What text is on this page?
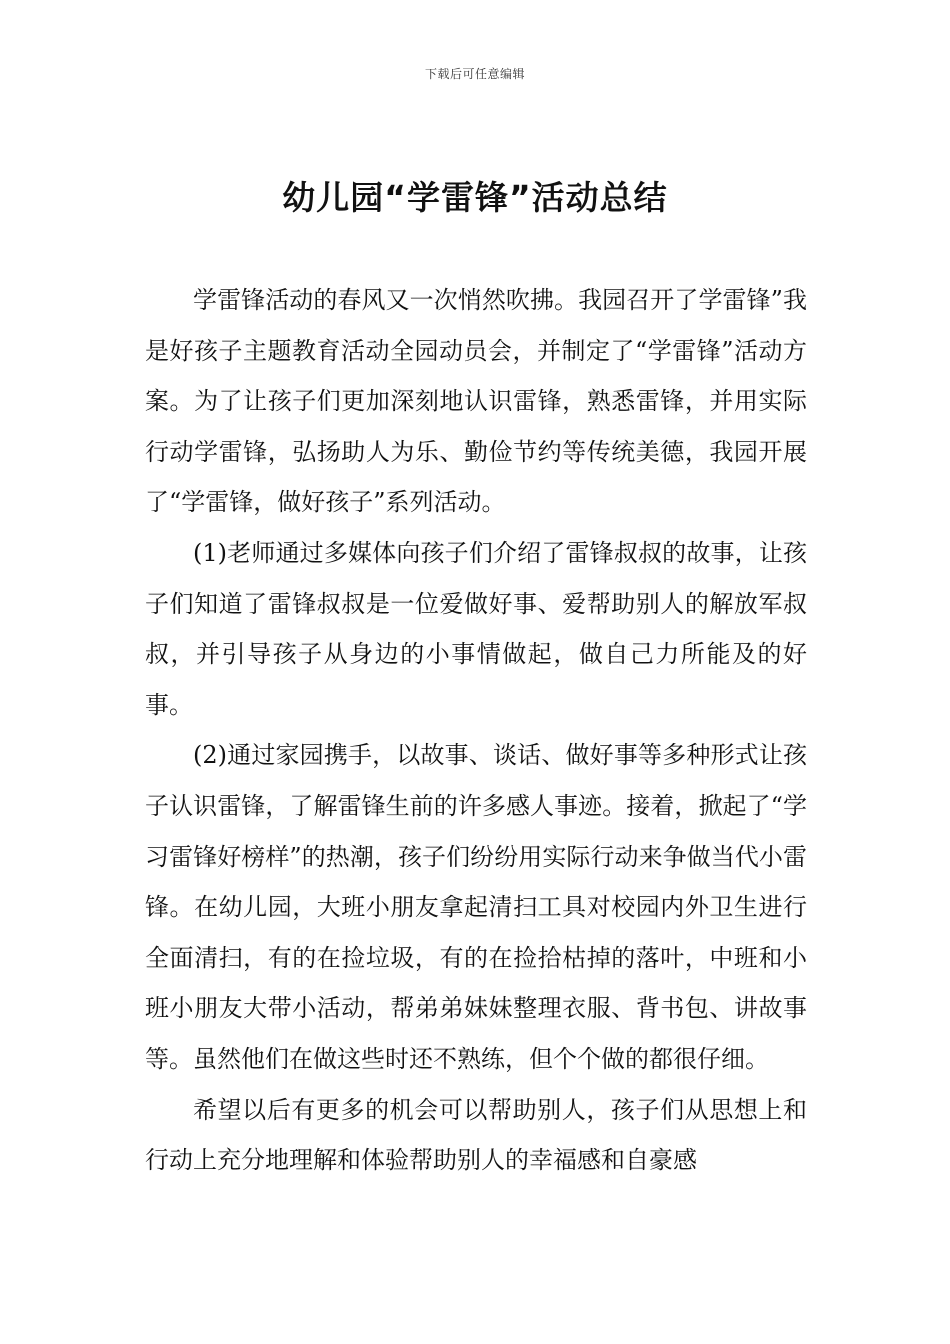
下载后可任意编辑
幼儿园“学雷锋”活动总结

学雷锋活动的春风又一次悄然吹拂。我园召开了学雷锋”我是好孩子主题教育活动全园动员会，并制定了“学雷锋”活动方案。为了让孩子们更加深刻地认识雷锋，熟悉雷锋，并用实际行动学雷锋，弘扬助人为乐、勤俭节约等传统美德，我园开展了“学雷锋，做好孩子”系列活动。

(1)老师通过多媒体向孩子们介绍了雷锋叔叔的故事，让孩子们知道了雷锋叔叔是一位爱做好事、爱帮助别人的解放军叔叔，并引导孩子从身边的小事情做起，做自己力所能及的好事。

(2)通过家园携手，以故事、谈话、做好事等多种形式让孩子认识雷锋，了解雷锋生前的许多感人事迹。接着，掀起了“学习雷锋好榜样”的热潮，孩子们纷纷用实际行动来争做当代小雷锋。在幼儿园，大班小朋友拿起清扫工具对校园内外卫生进行全面清扫，有的在捡垃圾，有的在捡拾枯掉的落叶，中班和小班小朋友大带小活动，帮弟弟妹妹整理衣服、背书包、讲故事等。虽然他们在做这些时还不熟练，但个个做的都很仔细。

希望以后有更多的机会可以帮助别人，孩子们从思想上和行动上充分地理解和体验帮助别人的幸福感和自豪感
